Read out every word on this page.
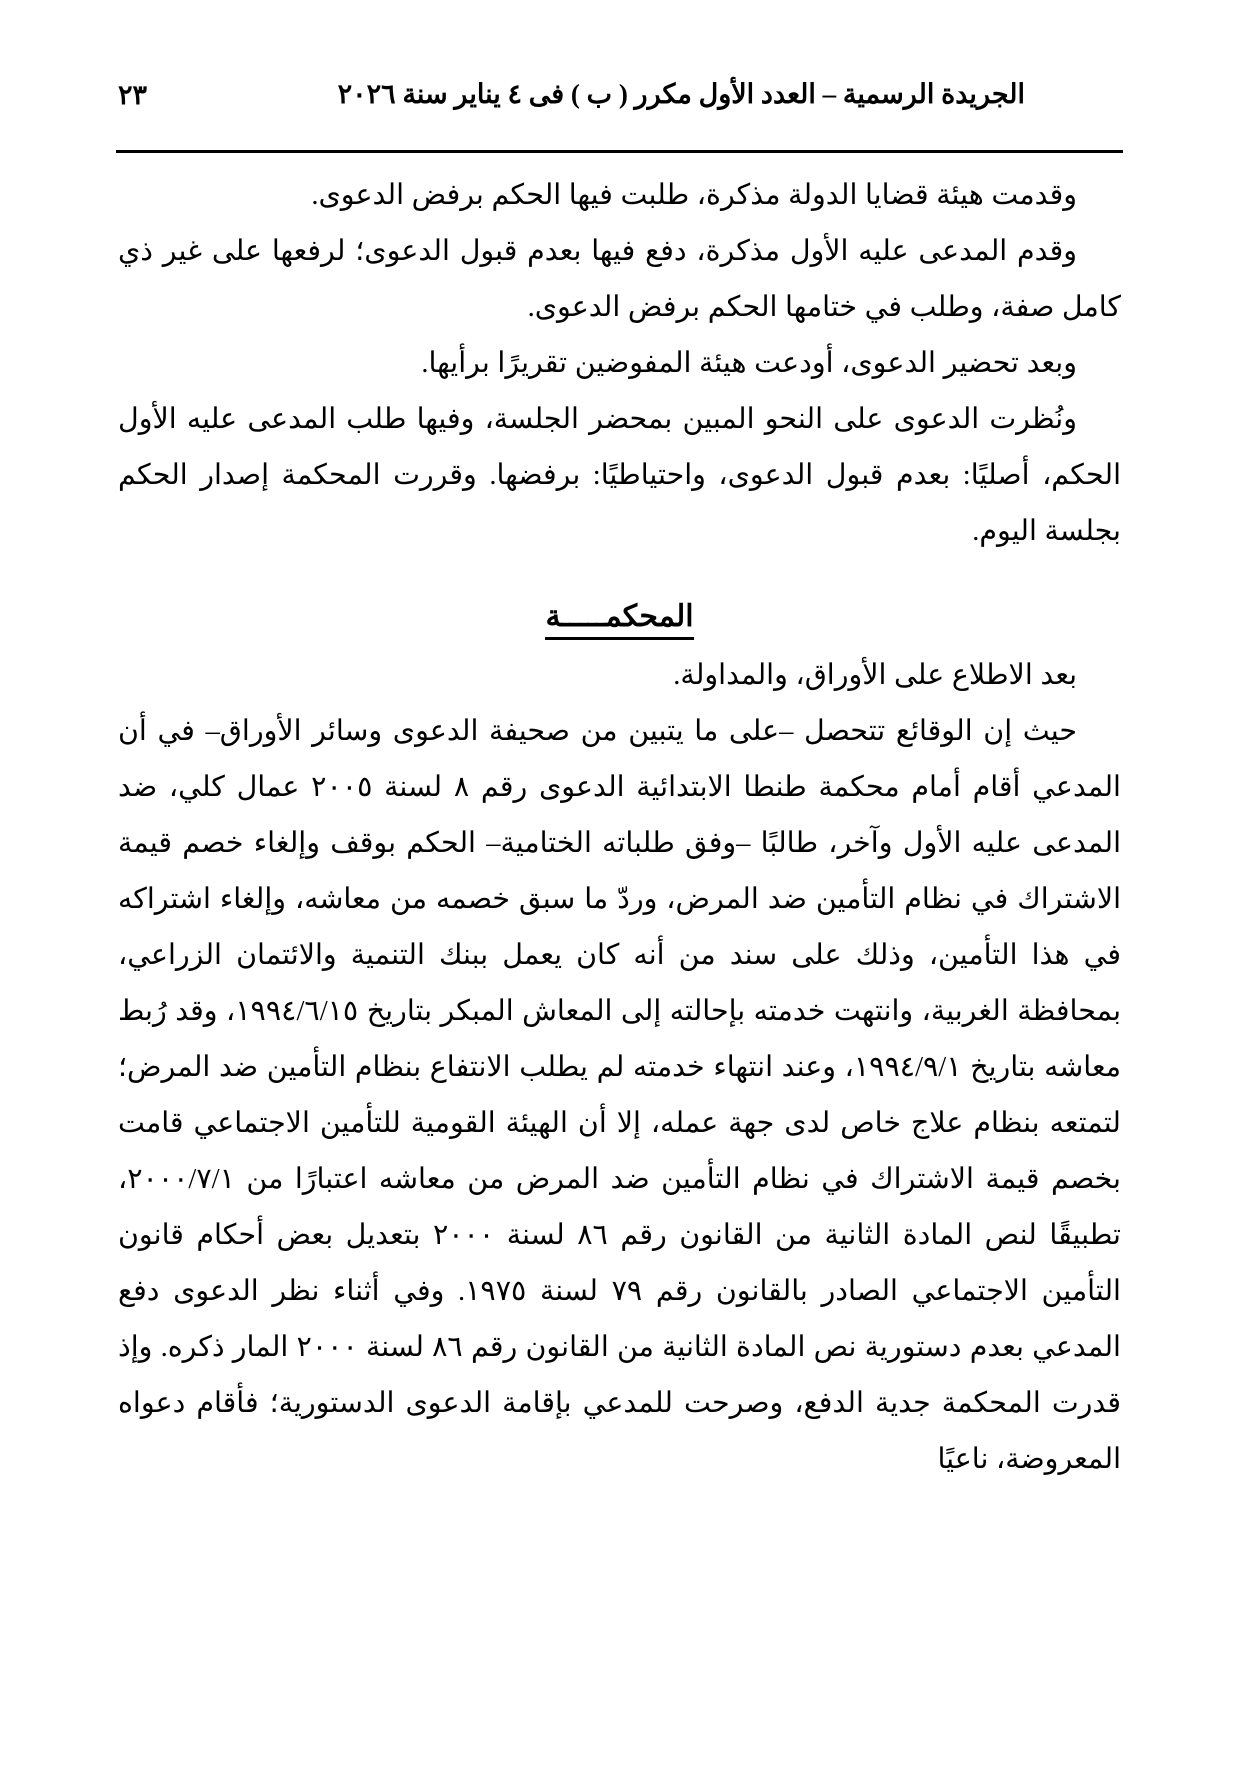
٢٣	الجريدة الرسمية – العدد الأول مكرر ( ب ) فى ٤ يناير سنة ٢٠٢٦

وقدمت هيئة قضايا الدولة مذكرة، طلبت فيها الحكم برفض الدعوى.

وقدم المدعى عليه الأول مذكرة، دفع فيها بعدم قبول الدعوى؛ لرفعها على غير ذي كامل صفة، وطلب في ختامها الحكم برفض الدعوى.

وبعد تحضير الدعوى، أودعت هيئة المفوضين تقريرًا برأيها.

ونُظرت الدعوى على النحو المبين بمحضر الجلسة، وفيها طلب المدعى عليه الأول الحكم، أصليًا: بعدم قبول الدعوى، واحتياطيًا: برفضها. وقررت المحكمة إصدار الحكم بجلسة اليوم.

المحكمـــــة

بعد الاطلاع على الأوراق، والمداولة.

حيث إن الوقائع تتحصل –على ما يتبين من صحيفة الدعوى وسائر الأوراق– في أن المدعي أقام أمام محكمة طنطا الابتدائية الدعوى رقم ٨ لسنة ٢٠٠٥ عمال كلي، ضد المدعى عليه الأول وآخر، طالبًا –وفق طلباته الختامية– الحكم بوقف وإلغاء خصم قيمة الاشتراك في نظام التأمين ضد المرض، وردّ ما سبق خصمه من معاشه، وإلغاء اشتراكه في هذا التأمين، وذلك على سند من أنه كان يعمل ببنك التنمية والائتمان الزراعي، بمحافظة الغربية، وانتهت خدمته بإحالته إلى المعاش المبكر بتاريخ ١٩٩٤/٦/١٥، وقد رُبط معاشه بتاريخ ١٩٩٤/٩/١، وعند انتهاء خدمته لم يطلب الانتفاع بنظام التأمين ضد المرض؛ لتمتعه بنظام علاج خاص لدى جهة عمله، إلا أن الهيئة القومية للتأمين الاجتماعي قامت بخصم قيمة الاشتراك في نظام التأمين ضد المرض من معاشه اعتبارًا من ٢٠٠٠/٧/١، تطبيقًا لنص المادة الثانية من القانون رقم ٨٦ لسنة ٢٠٠٠ بتعديل بعض أحكام قانون التأمين الاجتماعي الصادر بالقانون رقم ٧٩ لسنة ١٩٧٥. وفي أثناء نظر الدعوى دفع المدعي بعدم دستورية نص المادة الثانية من القانون رقم ٨٦ لسنة ٢٠٠٠ المار ذكره. وإذ قدرت المحكمة جدية الدفع، وصرحت للمدعي بإقامة الدعوى الدستورية؛ فأقام دعواه المعروضة، ناعيًا
